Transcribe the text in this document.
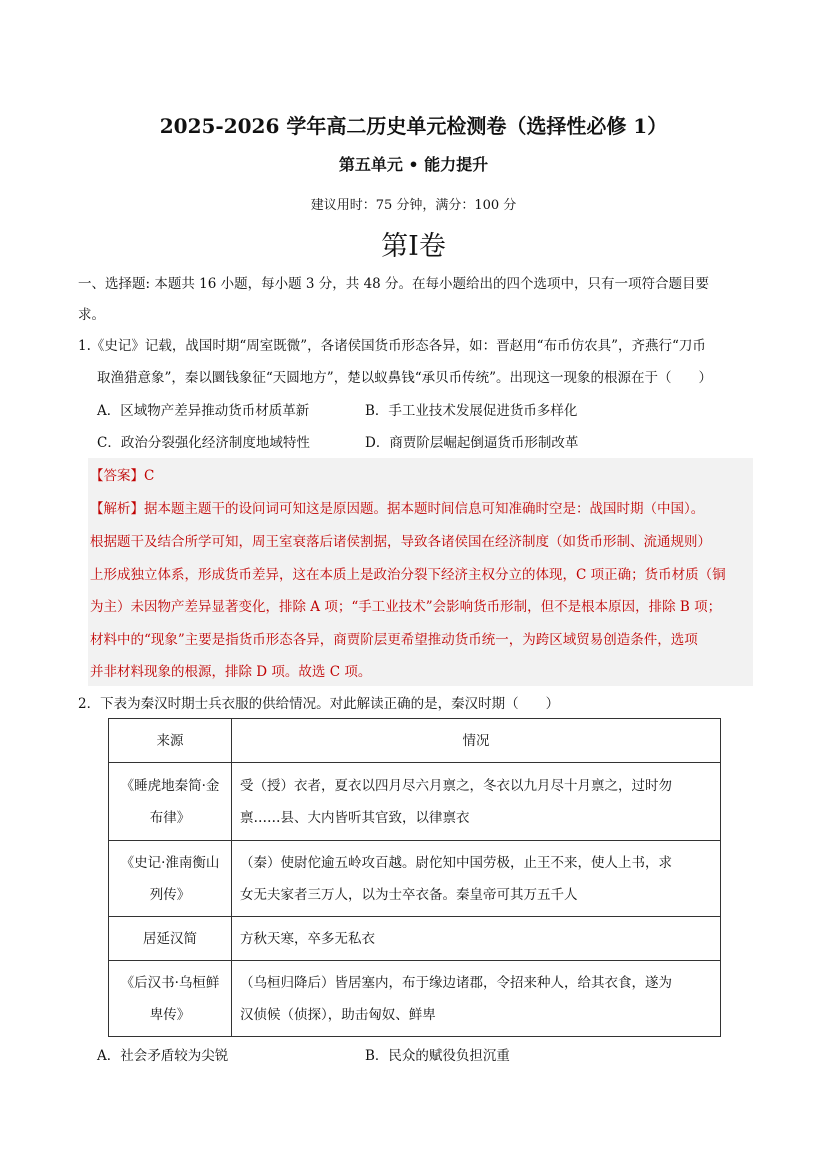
2025-2026 学年高二历史单元检测卷（选择性必修 1）
第五单元 • 能力提升
建议用时：75 分钟，满分：100 分
第Ⅰ卷
一、选择题: 本题共 16 小题，每小题 3 分，共 48 分。在每小题给出的四个选项中，只有一项符合题目要
求。
1.《史记》记载，战国时期“周室既微”，各诸侯国货币形态各异，如：晋赵用“布币仿农具”，齐燕行“刀币
取渔猎意象”，秦以圜钱象征“天圆地方”，楚以蚁鼻钱“承贝币传统”。出现这一现象的根源在于（　　）
A．区域物产差异推动货币材质革新	B．手工业技术发展促进货币多样化
C．政治分裂强化经济制度地域特性	D．商贾阶层崛起倒逼货币形制改革
【答案】C
【解析】据本题主题干的设问词可知这是原因题。据本题时间信息可知准确时空是：战国时期（中国）。
根据题干及结合所学可知，周王室衰落后诸侯割据，导致各诸侯国在经济制度（如货币形制、流通规则）
上形成独立体系，形成货币差异，这在本质上是政治分裂下经济主权分立的体现，C 项正确；货币材质（铜
为主）未因物产差异显著变化，排除 A 项；“手工业技术”会影响货币形制，但不是根本原因，排除 B 项；
材料中的“现象”主要是指货币形态各异，商贾阶层更希望推动货币统一，为跨区域贸易创造条件，选项
并非材料现象的根源，排除 D 项。故选 C 项。
2．下表为秦汉时期士兵衣服的供给情况。对此解读正确的是，秦汉时期（　　）
来源	情况
《睡虎地秦简·金
布律》	受（授）衣者，夏衣以四月尽六月禀之，冬衣以九月尽十月禀之，过时勿
禀……县、大内皆听其官致，以律禀衣
《史记·淮南衡山
列传》	（秦）使尉佗逾五岭攻百越。尉佗知中国劳极，止王不来，使人上书，求
女无夫家者三万人，以为士卒衣备。秦皇帝可其万五千人
居延汉简	方秋天寒，卒多无私衣
《后汉书·乌桓鲜
卑传》	（乌桓归降后）皆居塞内，布于缘边诸郡，令招来种人，给其衣食，遂为
汉侦候（侦探），助击匈奴、鲜卑
A．社会矛盾较为尖锐	B．民众的赋役负担沉重
